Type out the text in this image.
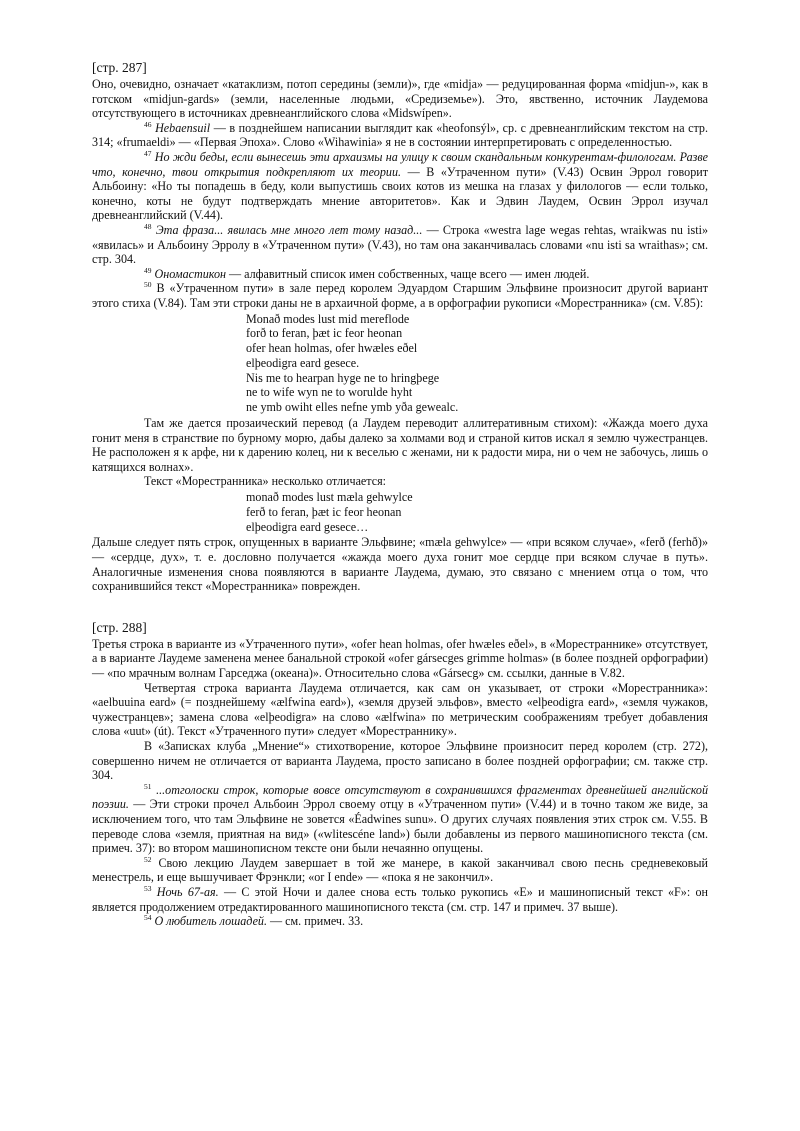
[стр. 287]

Оно, очевидно, означает «катаклизм, потоп середины (земли)», где «midja» — редуцированная форма «midjun-», как в готском «midjun-gards» (земли, населенные людьми, «Средиземье»). Это, явственно, источник Лаудемова отсутствующего в источниках древнеанглийского слова «Midswípen».

$^{46}$ Hebaensuil — в позднейшем написании выглядит как «heofonsýl», ср. с древнеанглийским текстом на стр. 314; «frumaeldi» — «Первая Эпоха». Слово «Wihawinia» я не в состоянии интерпретировать с определенностью.

$^{47}$ Но жди беды, если вынесешь эти архаизмы на улицу к своим скандальным конкурентам-филологам. Разве что, конечно, твои открытия подкрепляют их теории. — В «Утраченном пути» (V.43) Освин Эррол говорит Альбоину: «Но ты попадешь в беду, коли выпустишь своих котов из мешка на глазах у филологов — если только, конечно, коты не будут подтверждать мнение авторитетов». Как и Эдвин Лаудем, Освин Эррол изучал древнеанглийский (V.44).

$^{48}$ Эта фраза... явилась мне много лет тому назад... — Строка «westra lage wegas rehtas, wraikwas nu isti» «явилась» и Альбоину Эрролу в «Утраченном пути» (V.43), но там она заканчивалась словами «nu isti sa wraithas»; см. стр. 304.

$^{49}$ Ономастикон — алфавитный список имен собственных, чаще всего — имен людей.

$^{50}$ В «Утраченном пути» в зале перед королем Эдуардом Старшим Эльфвине произносит другой вариант этого стиха (V.84). Там эти строки даны не в архаичной форме, а в орфографии рукописи «Морестранника» (см. V.85):

Monað modes lust mid mereflode
forð to feran, þæt ic feor heonan
ofer hean holmas, ofer hwæles eðel
elþeodigra eard gesece.
Nis me to hearpan hyge ne to hringþege
ne to wife wyn ne to worulde hyht
ne ymb owiht elles nefne ymb yða gewealc.

Там же дается прозаический перевод (а Лаудем переводит аллитеративным стихом): «Жажда моего духа гонит меня в странствие по бурному морю, дабы далеко за холмами вод и страной китов искал я землю чужестранцев. Не расположен я к арфе, ни к дарению колец, ни к веселью с женами, ни к радости мира, ни о чем не забочусь, лишь о катящихся волнах».

Текст «Морестранника» несколько отличается:

monað modes lust mæla gehwylce
ferð to feran, þæt ic feor heonan
elþeodigra eard gesece…

Дальше следует пять строк, опущенных в варианте Эльфвине; «mæla gehwylce» — «при всяком случае», «ferð (ferhð)» — «сердце, дух», т. е. дословно получается «жажда моего духа гонит мое сердце при всяком случае в путь». Аналогичные изменения снова появляются в варианте Лаудема, думаю, это связано с мнением отца о том, что сохранившийся текст «Морестранника» поврежден.

[стр. 288]

Третья строка в варианте из «Утраченного пути», «ofer hean holmas, ofer hwæles eðel», в «Морестраннике» отсутствует, а в варианте Лаудеме заменена менее банальной строкой «ofer gársecges grimme holmas» (в более поздней орфографии) — «по мрачным волнам Гарседжа (океана)». Относительно слова «Gársecg» см. ссылки, данные в V.82.

Четвертая строка варианта Лаудема отличается, как сам он указывает, от строки «Морестранника»: «aelbuuina eard» (= позднейшему «ælfwina eard»), «земля друзей эльфов», вместо «elþeodigra eard», «земля чужаков, чужестранцев»; замена слова «elþeodigra» на слово «ælfwina» по метрическим соображениям требует добавления слова «uut» (út). Текст «Утраченного пути» следует «Морестраннику».

В «Записках клуба „Мнение“» стихотворение, которое Эльфвине произносит перед королем (стр. 272), совершенно ничем не отличается от варианта Лаудема, просто записано в более поздней орфографии; см. также стр. 304.

$^{51}$ ...отголоски строк, которые вовсе отсутствуют в сохранившихся фрагментах древнейшей английской поэзии. — Эти строки прочел Альбоин Эррол своему отцу в «Утраченном пути» (V.44) и в точно таком же виде, за исключением того, что там Эльфвине не зовется «Éadwines sunu». О других случаях появления этих строк см. V.55. В переводе слова «земля, приятная на вид» («wlitescéne land») были добавлены из первого машинописного текста (см. примеч. 37): во втором машинописном тексте они были нечаянно опущены.

$^{52}$ Свою лекцию Лаудем завершает в той же манере, в какой заканчивал свою песнь средневековый менестрель, и еще вышучивает Фрэнкли; «or I ende» — «пока я не закончил».

$^{53}$ Ночь 67-ая. — С этой Ночи и далее снова есть только рукопись «E» и машинописный текст «F»: он является продолжением отредактированного машинописного текста (см. стр. 147 и примеч. 37 выше).

$^{54}$ О любитель лошадей. — см. примеч. 33.
